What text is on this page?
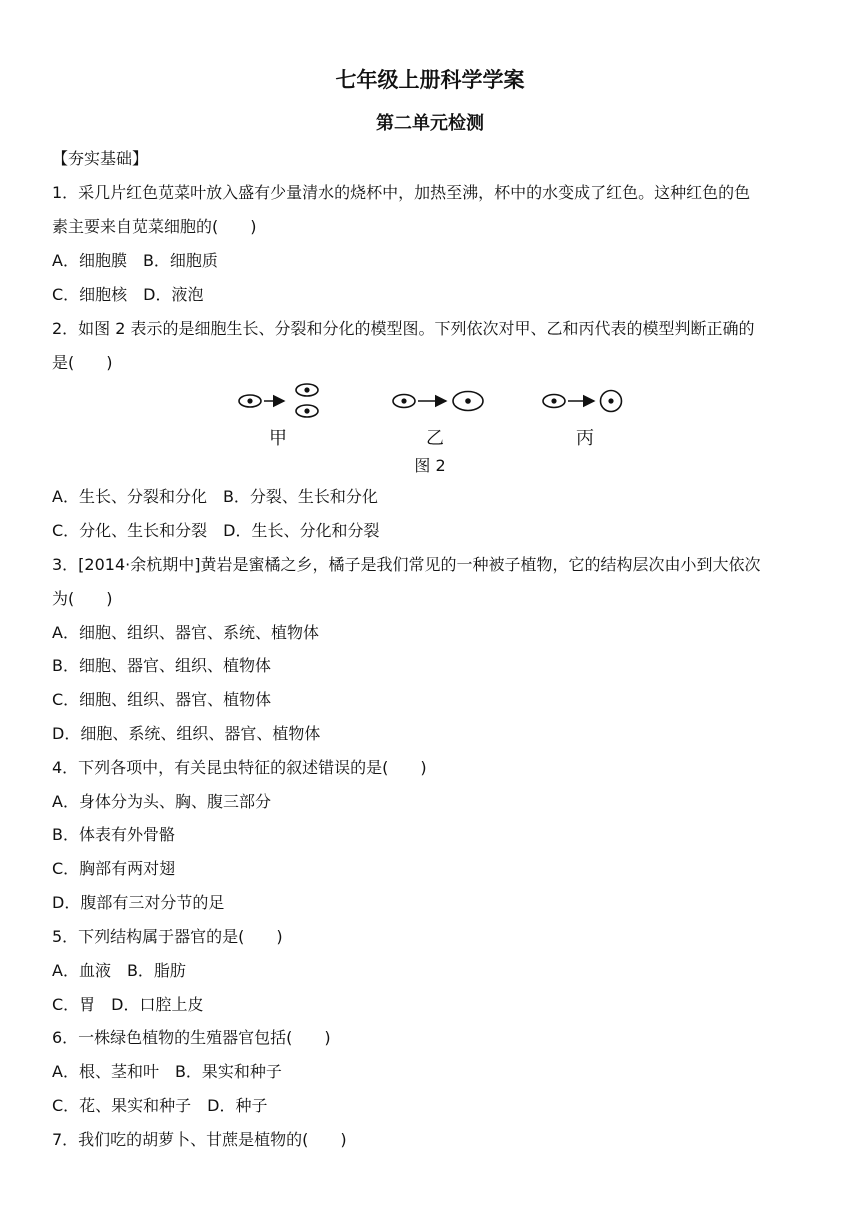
七年级上册科学学案
第二单元检测
【夯实基础】
1．采几片红色苋菜叶放入盛有少量清水的烧杯中，加热至沸，杯中的水变成了红色。这种红色的色
素主要来自苋菜细胞的(　　)
A．细胞膜　B．细胞质
C．细胞核　D．液泡
2．如图 2 表示的是细胞生长、分裂和分化的模型图。下列依次对甲、乙和丙代表的模型判断正确的
是(　　)
甲	乙	丙
图 2
A．生长、分裂和分化　B．分裂、生长和分化
C．分化、生长和分裂　D．生长、分化和分裂
3．[2014·余杭期中]黄岩是蜜橘之乡，橘子是我们常见的一种被子植物，它的结构层次由小到大依次
为(　　)
A．细胞、组织、器官、系统、植物体
B．细胞、器官、组织、植物体
C．细胞、组织、器官、植物体
D．细胞、系统、组织、器官、植物体
4．下列各项中，有关昆虫特征的叙述错误的是(　　)
A．身体分为头、胸、腹三部分
B．体表有外骨骼
C．胸部有两对翅
D．腹部有三对分节的足
5．下列结构属于器官的是(　　)
A．血液　B．脂肪
C．胃　D．口腔上皮
6．一株绿色植物的生殖器官包括(　　)
A．根、茎和叶　B．果实和种子
C．花、果实和种子　D．种子
7．我们吃的胡萝卜、甘蔗是植物的(　　)
